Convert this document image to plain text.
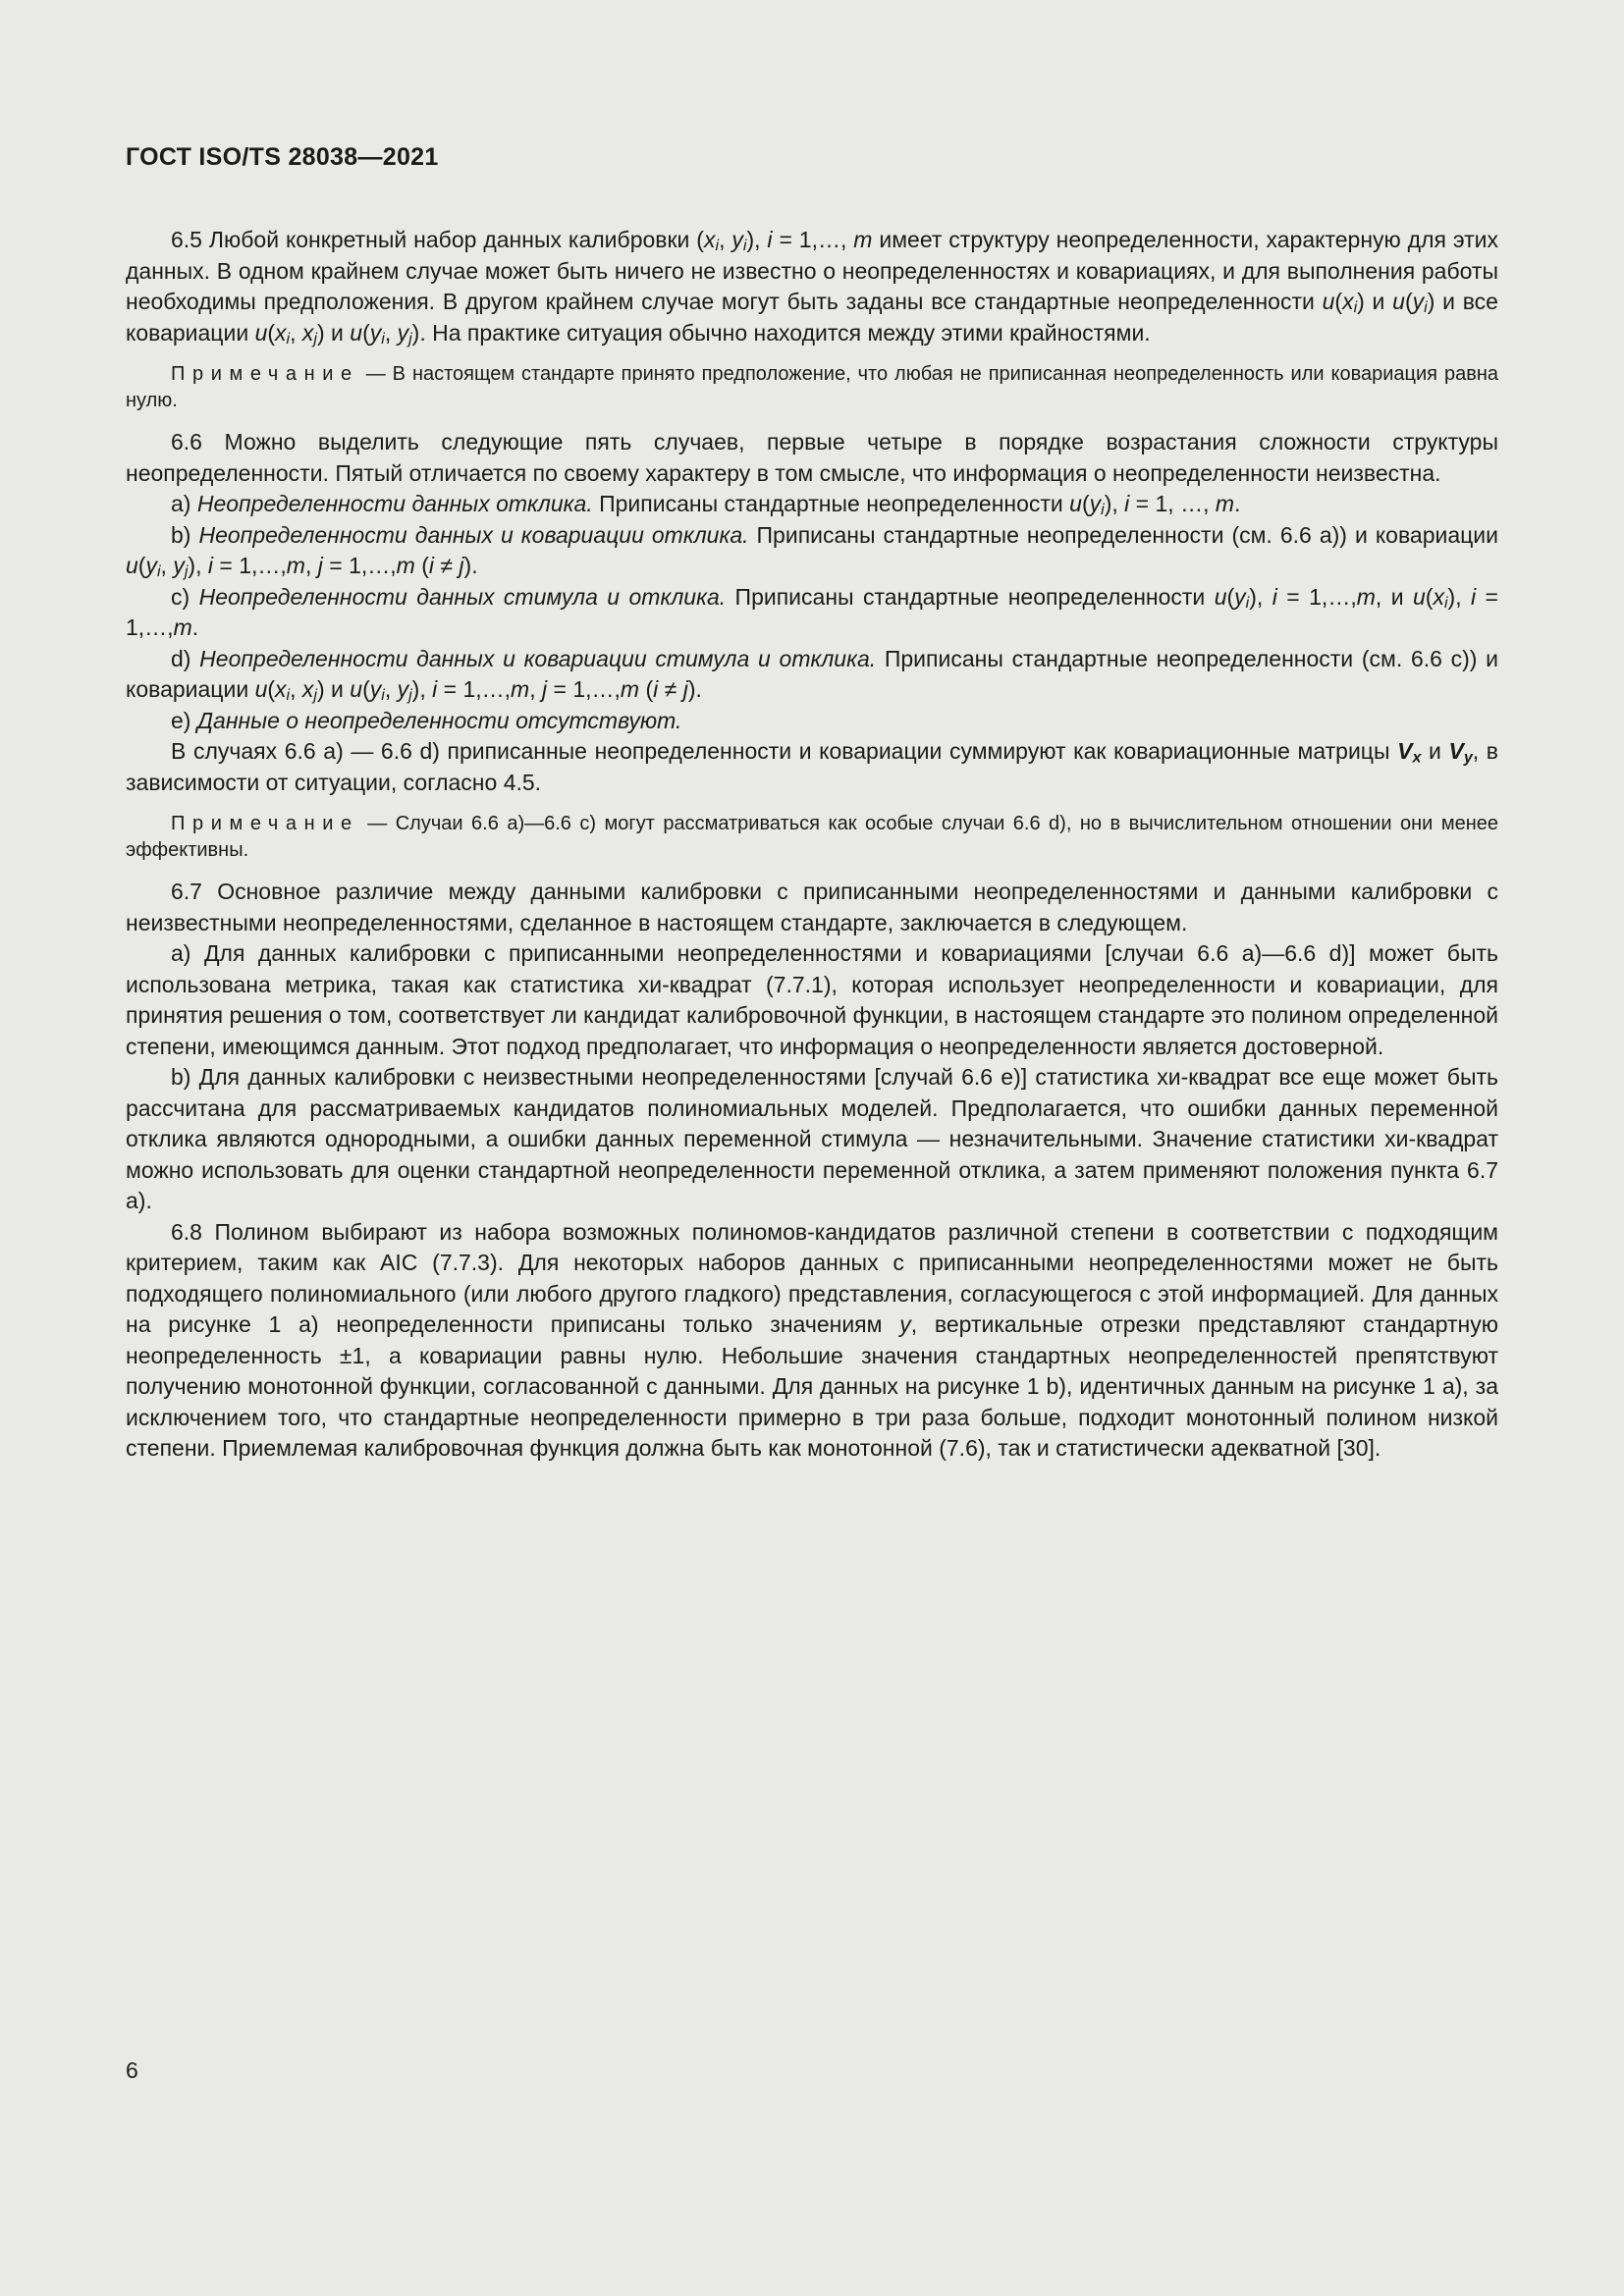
ГОСТ ISO/TS 28038—2021

6.5 Любой конкретный набор данных калибровки (xi, yi), i = 1,…, m имеет структуру неопределенности, характерную для этих данных. В одном крайнем случае может быть ничего не известно о неопределенностях и ковариациях, и для выполнения работы необходимы предположения. В другом крайнем случае могут быть заданы все стандартные неопределенности u(xi) и u(yi) и все ковариации u(xi, xj) и u(yi, yj). На практике ситуация обычно находится между этими крайностями.

Примечание — В настоящем стандарте принято предположение, что любая не приписанная неопределенность или ковариация равна нулю.

6.6 Можно выделить следующие пять случаев, первые четыре в порядке возрастания сложности структуры неопределенности. Пятый отличается по своему характеру в том смысле, что информация о неопределенности неизвестна.

a) Неопределенности данных отклика. Приписаны стандартные неопределенности u(yi), i = 1, …, m.

b) Неопределенности данных и ковариации отклика. Приписаны стандартные неопределенности (см. 6.6 a)) и ковариации u(yi, yj), i = 1,…,m, j = 1,…,m (i ≠ j).

c) Неопределенности данных стимула и отклика. Приписаны стандартные неопределенности u(yi), i = 1,…,m, и u(xi), i = 1,…,m.

d) Неопределенности данных и ковариации стимула и отклика. Приписаны стандартные неопределенности (см. 6.6 c)) и ковариации u(xi, xj) и u(yi, yj), i = 1,…,m, j = 1,…,m (i ≠ j).

e) Данные о неопределенности отсутствуют.

В случаях 6.6 a) — 6.6 d) приписанные неопределенности и ковариации суммируют как ковариационные матрицы Vx и Vy, в зависимости от ситуации, согласно 4.5.

Примечание — Случаи 6.6 a)—6.6 c) могут рассматриваться как особые случаи 6.6 d), но в вычислительном отношении они менее эффективны.

6.7 Основное различие между данными калибровки с приписанными неопределенностями и данными калибровки с неизвестными неопределенностями, сделанное в настоящем стандарте, заключается в следующем.

a) Для данных калибровки с приписанными неопределенностями и ковариациями [случаи 6.6 a)—6.6 d)] может быть использована метрика, такая как статистика хи-квадрат (7.7.1), которая использует неопределенности и ковариации, для принятия решения о том, соответствует ли кандидат калибровочной функции, в настоящем стандарте это полином определенной степени, имеющимся данным. Этот подход предполагает, что информация о неопределенности является достоверной.

b) Для данных калибровки с неизвестными неопределенностями [случай 6.6 e)] статистика хи-квадрат все еще может быть рассчитана для рассматриваемых кандидатов полиномиальных моделей. Предполагается, что ошибки данных переменной отклика являются однородными, а ошибки данных переменной стимула — незначительными. Значение статистики хи-квадрат можно использовать для оценки стандартной неопределенности переменной отклика, а затем применяют положения пункта 6.7 a).

6.8 Полином выбирают из набора возможных полиномов-кандидатов различной степени в соответствии с подходящим критерием, таким как AIC (7.7.3). Для некоторых наборов данных с приписанными неопределенностями может не быть подходящего полиномиального (или любого другого гладкого) представления, согласующегося с этой информацией. Для данных на рисунке 1 a) неопределенности приписаны только значениям y, вертикальные отрезки представляют стандартную неопределенность ±1, а ковариации равны нулю. Небольшие значения стандартных неопределенностей препятствуют получению монотонной функции, согласованной с данными. Для данных на рисунке 1 b), идентичных данным на рисунке 1 a), за исключением того, что стандартные неопределенности примерно в три раза больше, подходит монотонный полином низкой степени. Приемлемая калибровочная функция должна быть как монотонной (7.6), так и статистически адекватной [30].

6
